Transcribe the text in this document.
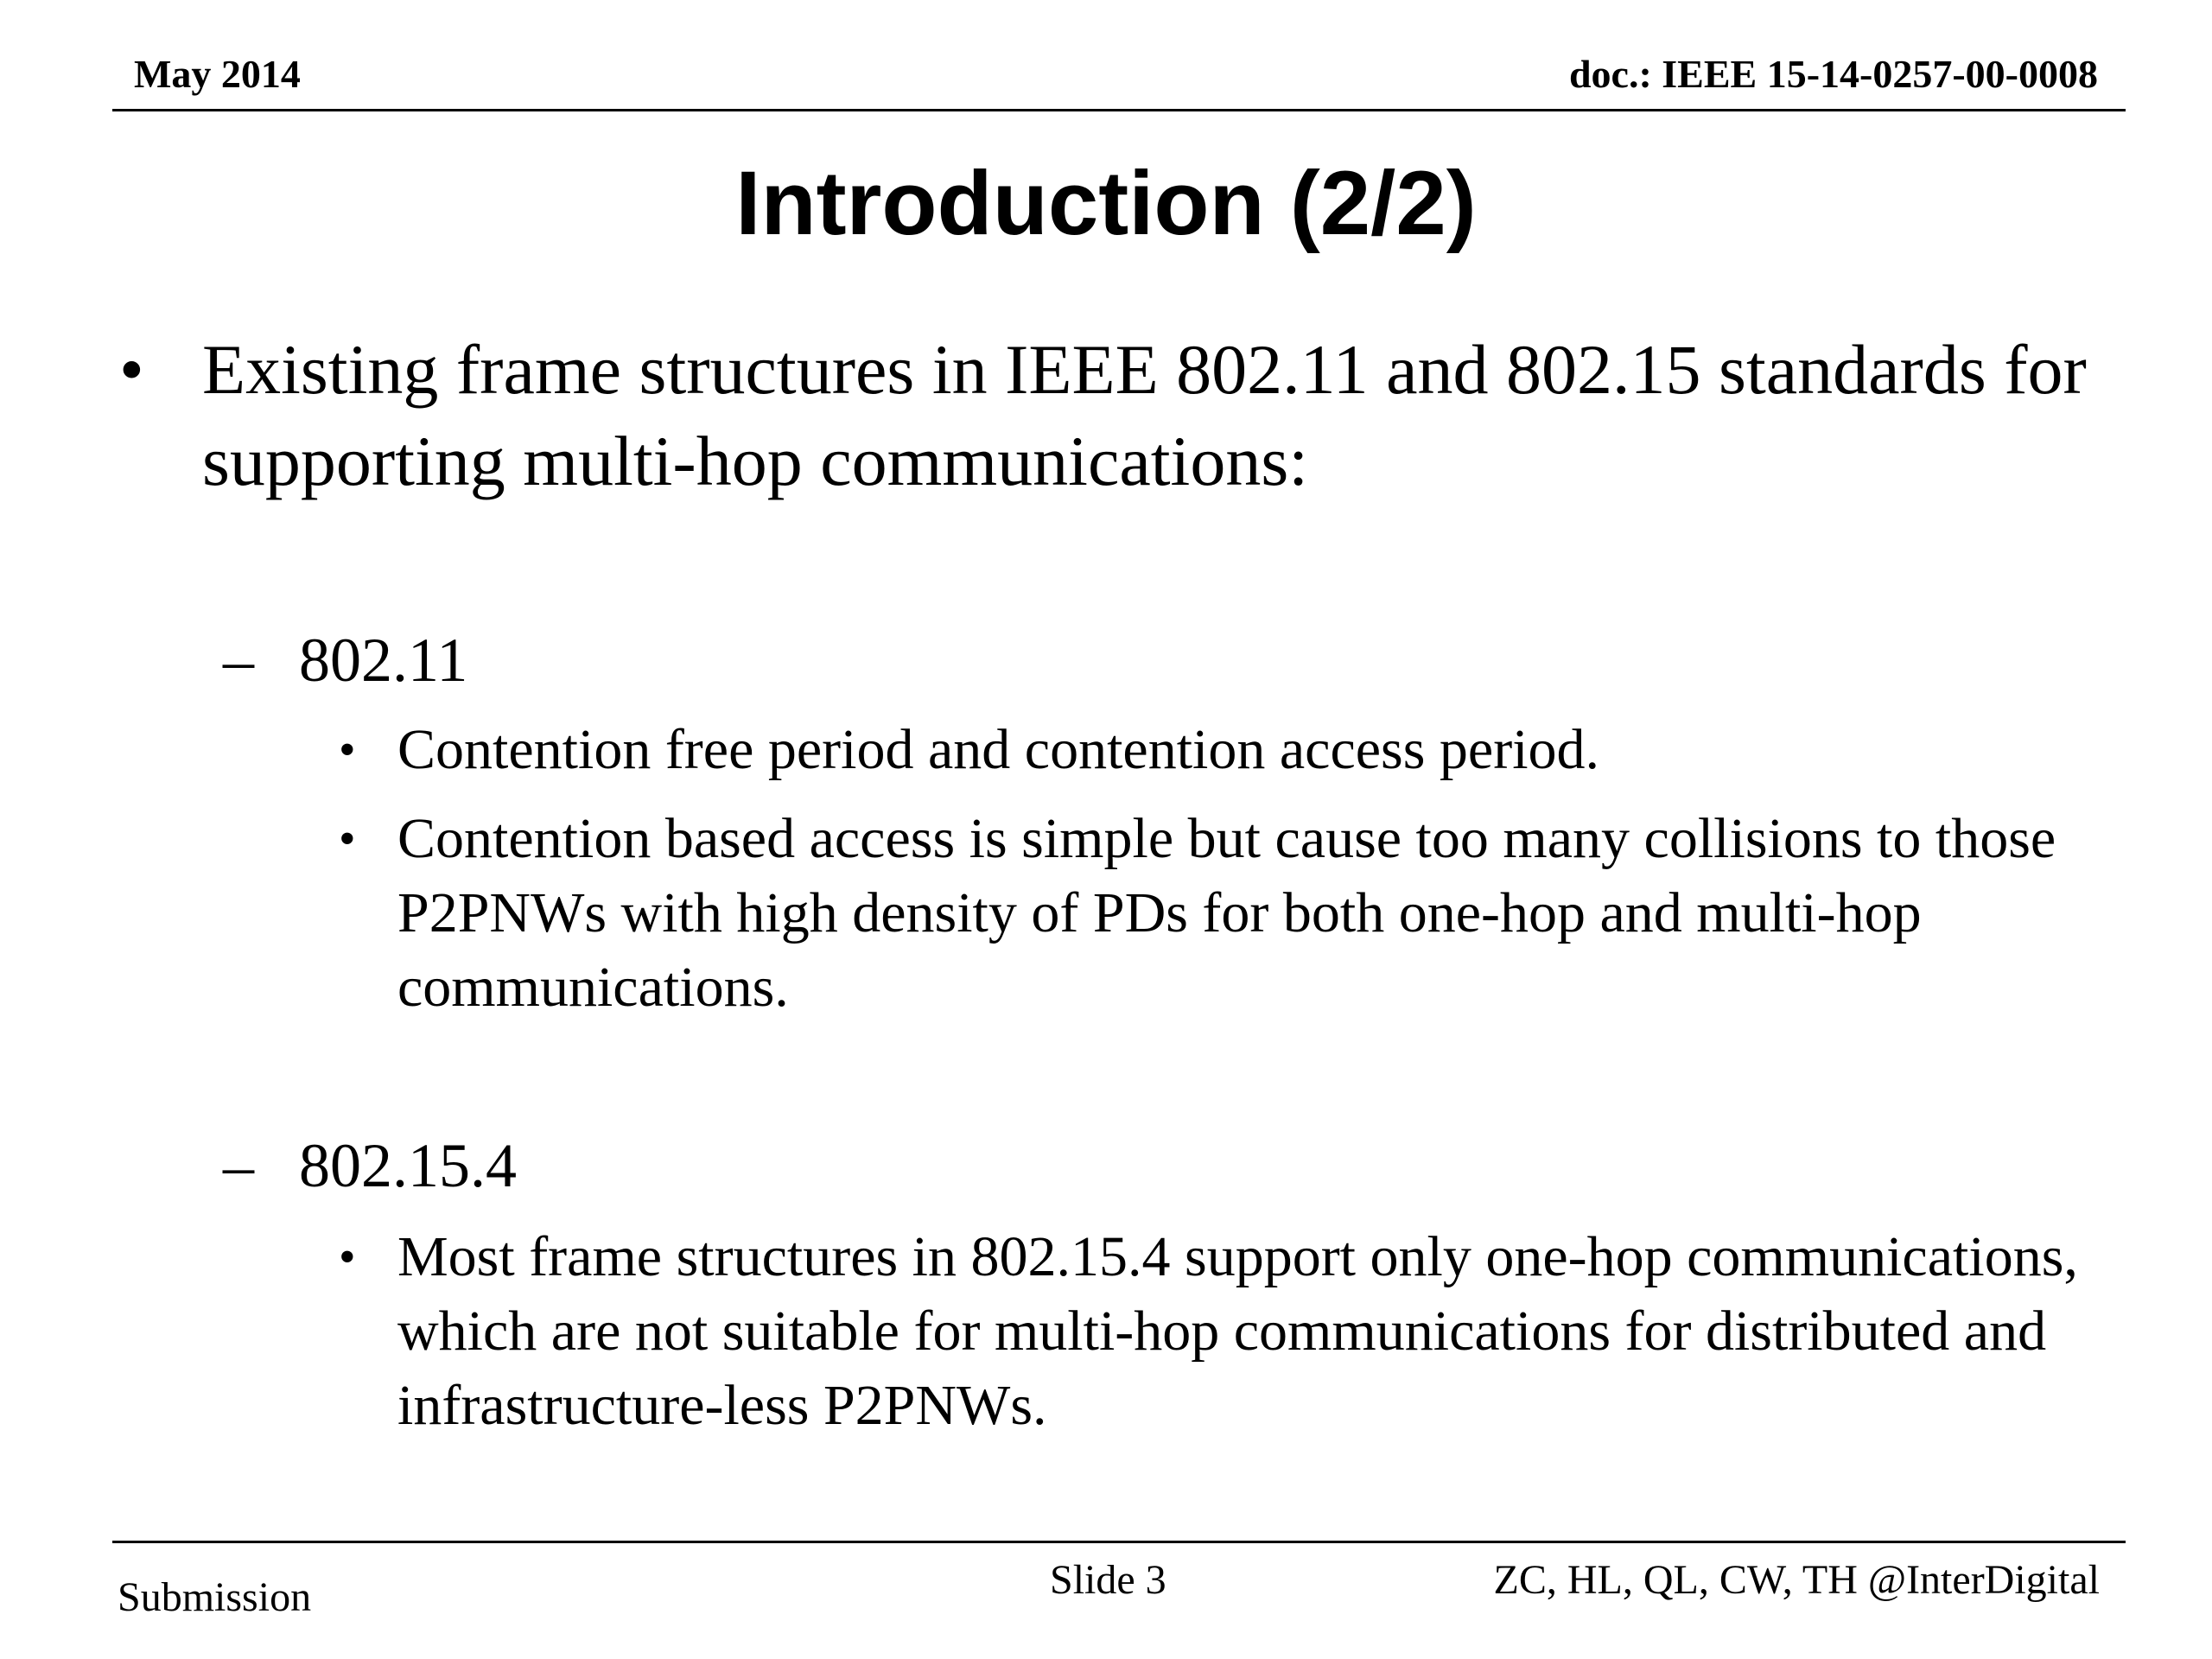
May 2014	doc.: IEEE 15-14-0257-00-0008
Introduction (2/2)
• Existing frame structures in IEEE 802.11 and 802.15 standards for supporting multi-hop communications:
– 802.11
• Contention free period and contention access period.
• Contention based access is simple but cause too many collisions to those P2PNWs with high density of PDs for both one-hop and multi-hop communications.
– 802.15.4
• Most frame structures in 802.15.4 support only one-hop communications, which are not suitable for multi-hop communications for distributed and infrastructure-less P2PNWs.
Submission	Slide 3	ZC, HL, QL, CW, TH @InterDigital
